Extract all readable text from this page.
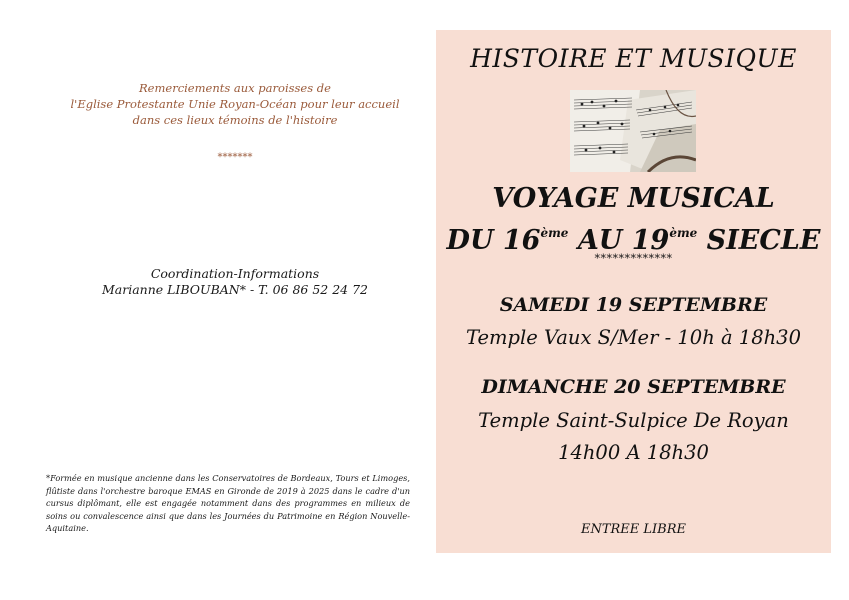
Remerciements aux paroisses de
l'Eglise Protestante Unie Royan-Océan pour leur accueil
dans ces lieux témoins de l'histoire
*******
Coordination-Informations
Marianne LIBOUBAN* - T. 06 86 52 24 72
*Formée en musique ancienne dans les Conservatoires de Bordeaux, Tours et Limoges, flûtiste dans l'orchestre baroque EMAS en Gironde de 2019 à 2025 dans le cadre d'un cursus diplômant, elle est engagée notamment dans des programmes en milieux de soins ou convalescence ainsi que dans les Journées du Patrimoine en Région Nouvelle-Aquitaine.
HISTOIRE ET MUSIQUE
VOYAGE MUSICAL
DU 16ème AU 19ème SIECLE
*************
SAMEDI 19 SEPTEMBRE
Temple Vaux S/Mer - 10h à 18h30
DIMANCHE 20 SEPTEMBRE
Temple Saint-Sulpice De Royan
14h00 A 18h30
ENTREE LIBRE
